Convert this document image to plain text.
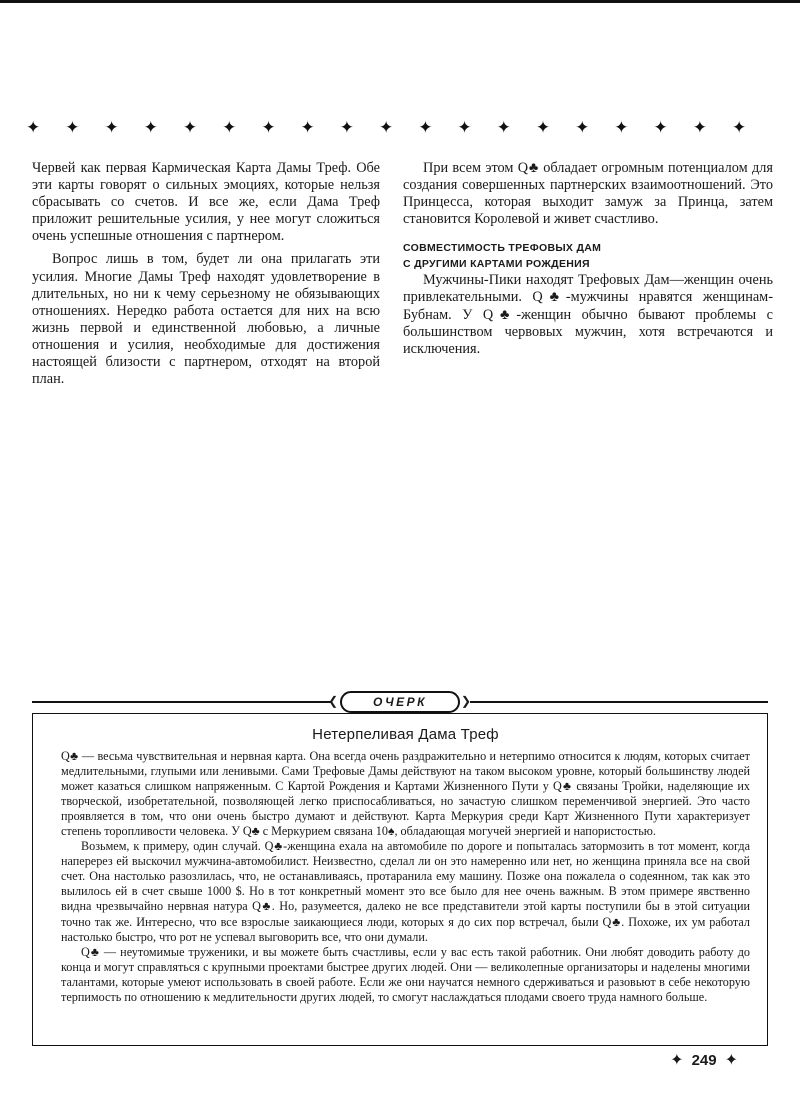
✦ ✦ ✦ ✦ ✦ ✦ ✦ ✦ ✦ ✦ ✦ ✦ ✦ ✦ ✦ ✦ ✦ ✦ ✦

Червей как первая Кармическая Карта Дамы Треф. Обе эти карты говорят о сильных эмоциях, которые нельзя сбрасывать со счетов. И все же, если Дама Треф приложит решительные усилия, у нее могут сложиться очень успешные отношения с партнером.

Вопрос лишь в том, будет ли она прилагать эти усилия. Многие Дамы Треф находят удовлетворение в длительных, но ни к чему серьезному не обязывающих отношениях. Нередко работа остается для них на всю жизнь первой и единственной любовью, а личные отношения и усилия, необходимые для достижения настоящей близости с партнером, отходят на второй план.

При всем этом Q♣ обладает огромным потенциалом для создания совершенных партнерских взаимоотношений. Это Принцесса, которая выходит замуж за Принца, затем становится Королевой и живет счастливо.

СОВМЕСТИМОСТЬ ТРЕФОВЫХ ДАМ
С ДРУГИМИ КАРТАМИ РОЖДЕНИЯ

Мужчины-Пики находят Трефовых Дам—женщин очень привлекательными. Q♣-мужчины нравятся женщинам-Бубнам. У Q♣-женщин обычно бывают проблемы с большинством червовых мужчин, хотя встречаются и исключения.

❮	ОЧЕРК	❯
Нетерпеливая Дама Треф

Q♣ — весьма чувствительная и нервная карта. Она всегда очень раздражительно и нетерпимо относится к людям, которых считает медлительными, глупыми или ленивыми. Сами Трефовые Дамы действуют на таком высоком уровне, который большинству людей может казаться слишком напряженным. С Картой Рождения и Картами Жизненного Пути у Q♣ связаны Тройки, наделяющие их творческой, изобретательной, позволяющей легко приспосабливаться, но зачастую слишком переменчивой энергией. Это часто проявляется в том, что они очень быстро думают и действуют. Карта Меркурия среди Карт Жизненного Пути характеризует степень торопливости человека. У Q♣ с Меркурием связана 10♠, обладающая могучей энергией и напористостью.

Возьмем, к примеру, один случай. Q♣-женщина ехала на автомобиле по дороге и попыталась затормозить в тот момент, когда наперерез ей выскочил мужчина-автомобилист. Неизвестно, сделал ли он это намеренно или нет, но женщина приняла все на свой счет. Она настолько разозлилась, что, не останавливаясь, протаранила ему машину. Позже она пожалела о содеянном, так как это вылилось ей в счет свыше 1000 $. Но в тот конкретный момент это все было для нее очень важным. В этом примере явственно видна чрезвычайно нервная натура Q♣. Но, разумеется, далеко не все представители этой карты поступили бы в этой ситуации точно так же. Интересно, что все взрослые заикающиеся люди, которых я до сих пор встречал, были Q♣. Похоже, их ум работал настолько быстро, что рот не успевал выговорить все, что они думали.

Q♣ — неутомимые труженики, и вы можете быть счастливы, если у вас есть такой работник. Они любят доводить работу до конца и могут справляться с крупными проектами быстрее других людей. Они — великолепные организаторы и наделены многими талантами, которые умеют использовать в своей работе. Если же они научатся немного сдерживаться и разовьют в себе некоторую терпимость по отношению к медлительности других людей, то смогут наслаждаться плодами своего труда намного больше.

✦ 249 ✦
